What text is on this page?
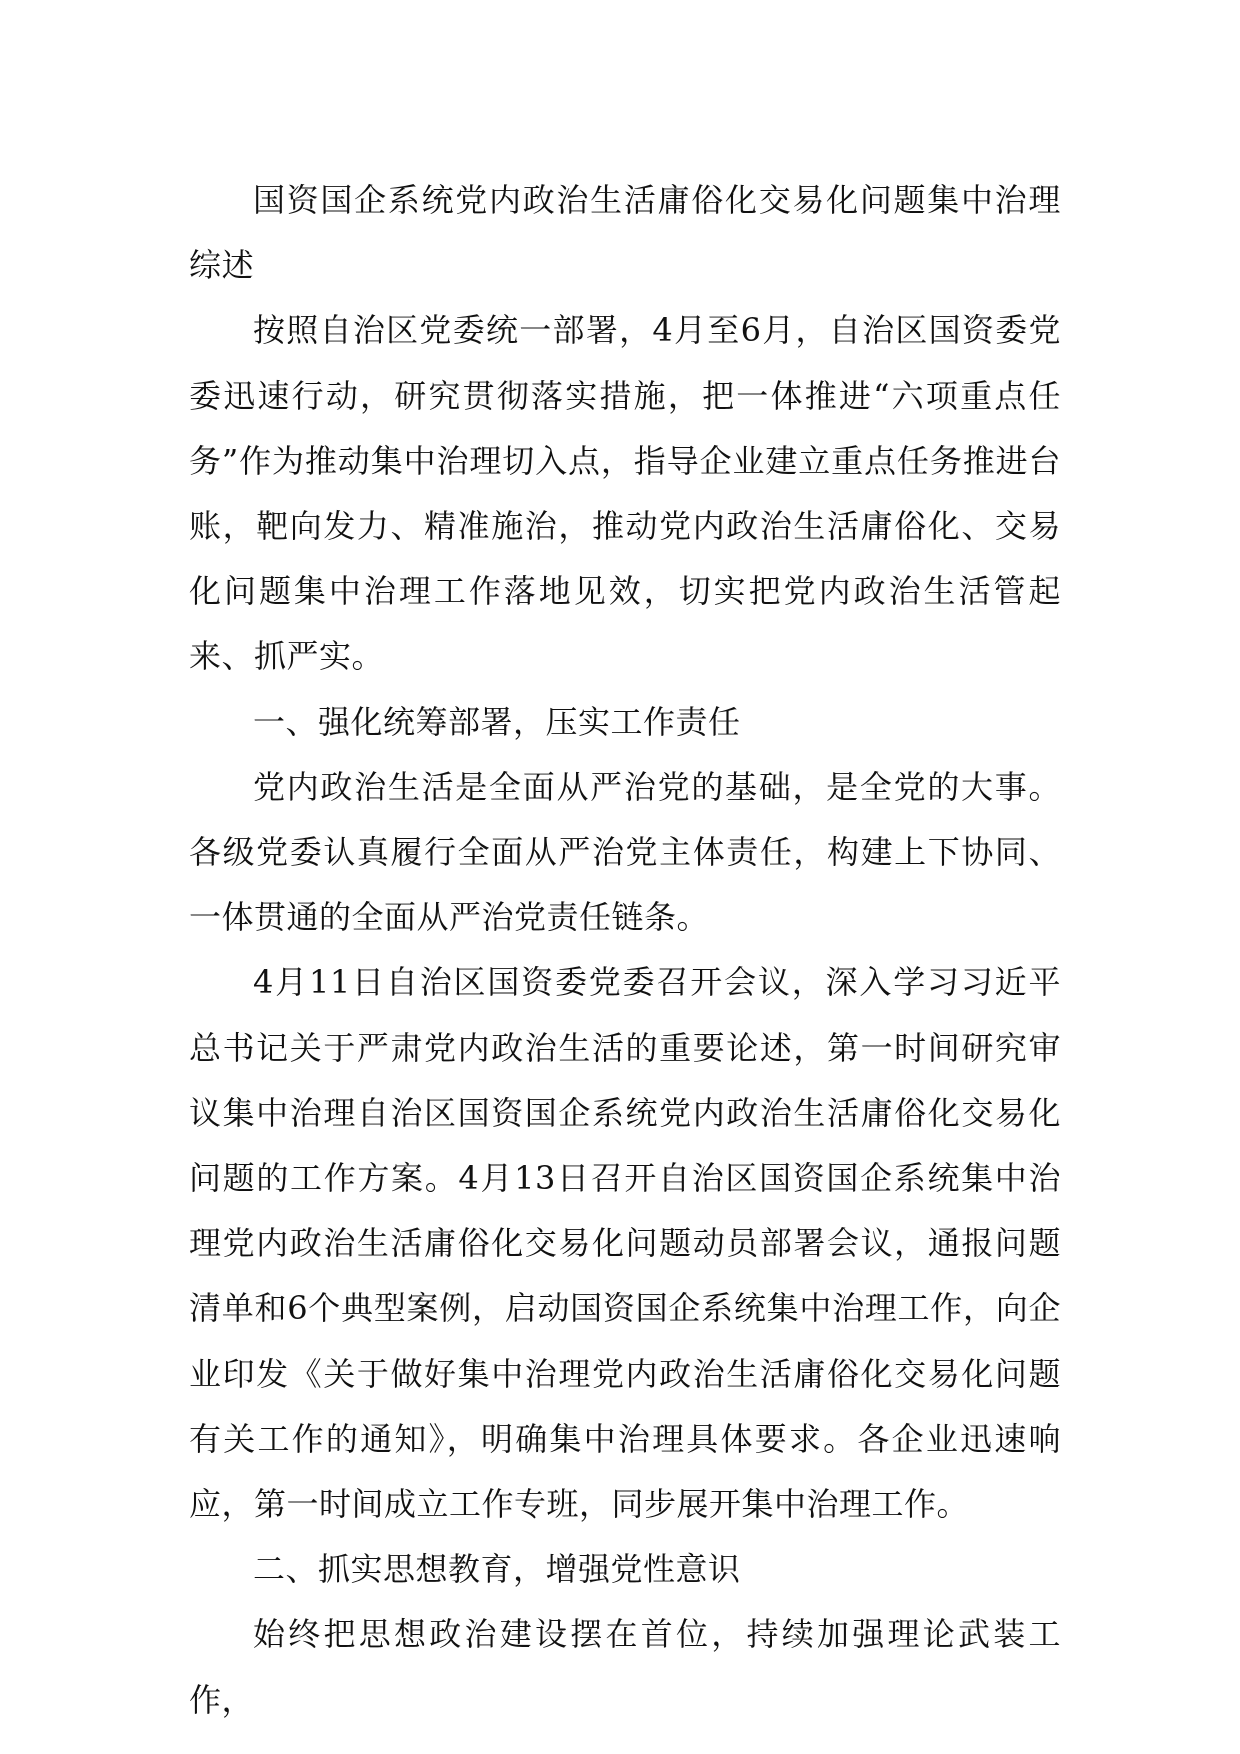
国资国企系统党内政治生活庸俗化交易化问题集中治理综述

按照自治区党委统一部署，4月至6月，自治区国资委党委迅速行动，研究贯彻落实措施，把一体推进“六项重点任务”作为推动集中治理切入点，指导企业建立重点任务推进台账，靶向发力、精准施治，推动党内政治生活庸俗化、交易化问题集中治理工作落地见效，切实把党内政治生活管起来、抓严实。

一、强化统筹部署，压实工作责任

党内政治生活是全面从严治党的基础，是全党的大事。各级党委认真履行全面从严治党主体责任，构建上下协同、一体贯通的全面从严治党责任链条。

4月11日自治区国资委党委召开会议，深入学习习近平总书记关于严肃党内政治生活的重要论述，第一时间研究审议集中治理自治区国资国企系统党内政治生活庸俗化交易化问题的工作方案。4月13日召开自治区国资国企系统集中治理党内政治生活庸俗化交易化问题动员部署会议，通报问题清单和6个典型案例，启动国资国企系统集中治理工作，向企业印发《关于做好集中治理党内政治生活庸俗化交易化问题有关工作的通知》，明确集中治理具体要求。各企业迅速响应，第一时间成立工作专班，同步展开集中治理工作。

二、抓实思想教育，增强党性意识

始终把思想政治建设摆在首位，持续加强理论武装工作，
